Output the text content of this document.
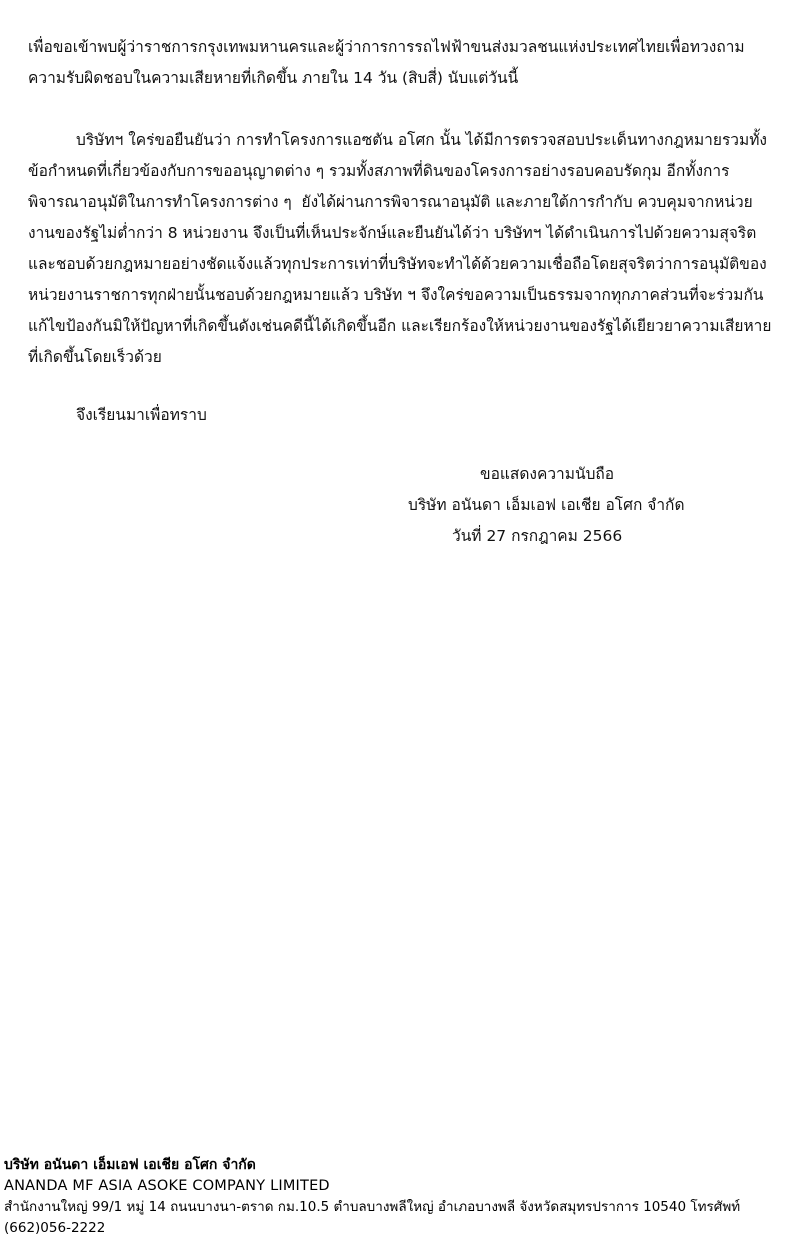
เพื่อขอเข้าพบผู้ว่าราชการกรุงเทพมหานครและผู้ว่าการการรถไฟฟ้าขนส่งมวลชนแห่งประเทศไทยเพื่อทวงถามความรับผิดชอบในความเสียหายที่เกิดขึ้น ภายใน 14 วัน (สิบสี่) นับแต่วันนี้

บริษัทฯ ใคร่ขอยืนยันว่า การทำโครงการแอซตัน อโศก นั้น ได้มีการตรวจสอบประเด็นทางกฎหมายรวมทั้งข้อกำหนดที่เกี่ยวข้องกับการขออนุญาตต่าง ๆ รวมทั้งสภาพที่ดินของโครงการอย่างรอบคอบรัดกุม อีกทั้งการพิจารณาอนุมัติในการทำโครงการต่าง ๆ  ยังได้ผ่านการพิจารณาอนุมัติ และภายใต้การกำกับ ควบคุมจากหน่วยงานของรัฐไม่ต่ำกว่า 8 หน่วยงาน จึงเป็นที่เห็นประจักษ์และยืนยันได้ว่า บริษัทฯ ได้ดำเนินการไปด้วยความสุจริต และชอบด้วยกฎหมายอย่างชัดแจ้งแล้วทุกประการเท่าที่บริษัทจะทำได้ด้วยความเชื่อถือโดยสุจริตว่าการอนุมัติของหน่วยงานราชการทุกฝ่ายนั้นชอบด้วยกฎหมายแล้ว บริษัท ฯ จึงใคร่ขอความเป็นธรรมจากทุกภาคส่วนที่จะร่วมกันแก้ไขป้องกันมิให้ปัญหาที่เกิดขึ้นดังเช่นคดีนี้ได้เกิดขึ้นอีก และเรียกร้องให้หน่วยงานของรัฐได้เยียวยาความเสียหายที่เกิดขึ้นโดยเร็วด้วย

จึงเรียนมาเพื่อทราบ

ขอแสดงความนับถือ
บริษัท อนันดา เอ็มเอฟ เอเชีย อโศก จำกัด
วันที่ 27 กรกฎาคม 2566
บริษัท อนันดา เอ็มเอฟ เอเชีย อโศก จำกัด
ANANDA MF ASIA ASOKE COMPANY LIMITED
สำนักงานใหญ่ 99/1 หมู่ 14 ถนนบางนา-ตราด กม.10.5 ตำบลบางพลีใหญ่ อำเภอบางพลี จังหวัดสมุทรปราการ 10540 โทรศัพท์ (662)056-2222
